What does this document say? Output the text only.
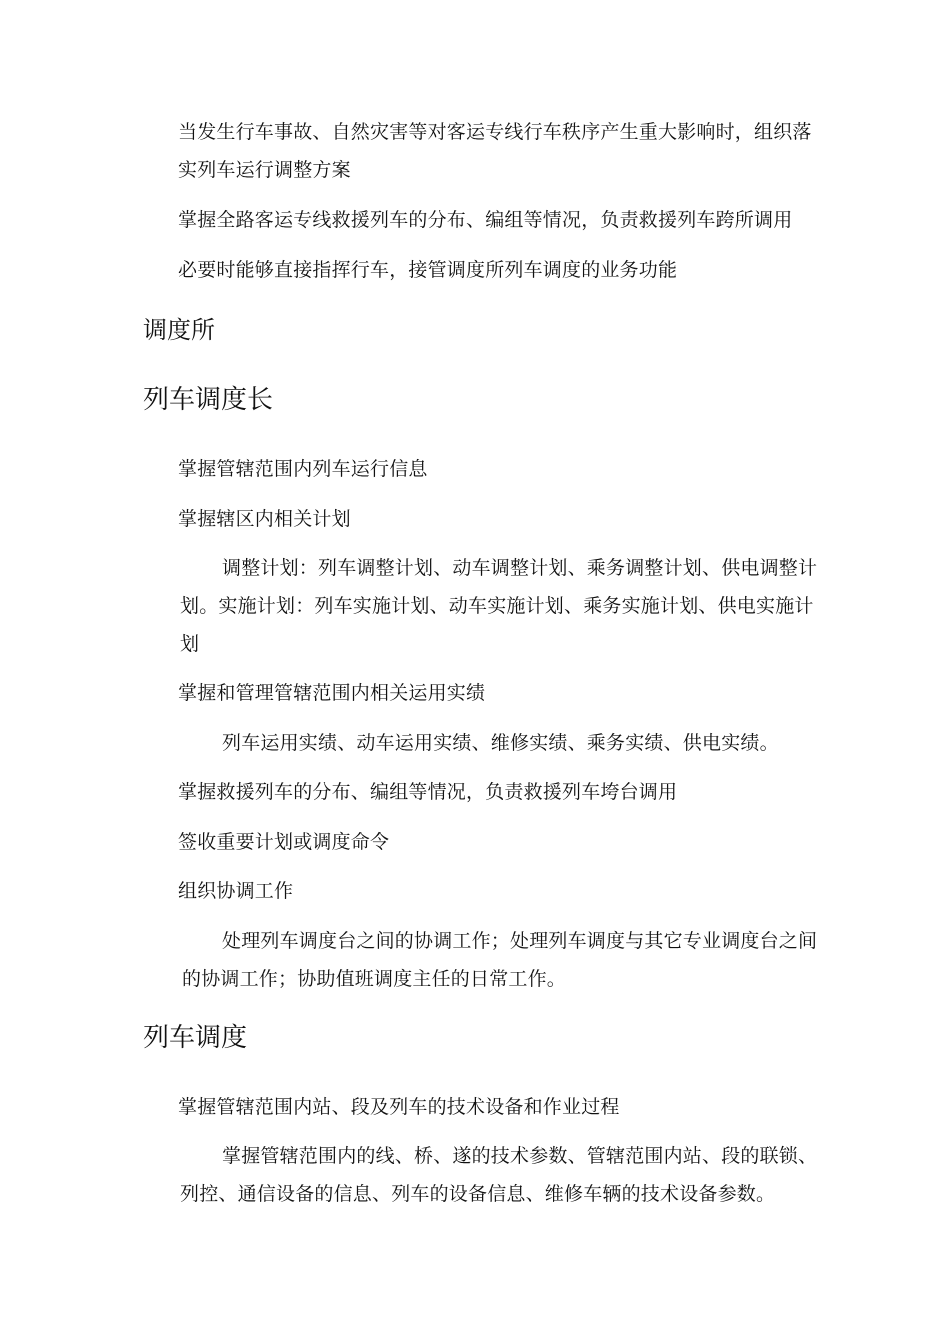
当发生行车事故、自然灾害等对客运专线行车秩序产生重大影响时，组织落
实列车运行调整方案
掌握全路客运专线救援列车的分布、编组等情况，负责救援列车跨所调用
必要时能够直接指挥行车，接管调度所列车调度的业务功能
调度所
列车调度长
掌握管辖范围内列车运行信息
掌握辖区内相关计划
调整计划：列车调整计划、动车调整计划、乘务调整计划、供电调整计
划。实施计划：列车实施计划、动车实施计划、乘务实施计划、供电实施计
划
掌握和管理管辖范围内相关运用实绩
列车运用实绩、动车运用实绩、维修实绩、乘务实绩、供电实绩。
掌握救援列车的分布、编组等情况，负责救援列车垮台调用
签收重要计划或调度命令
组织协调工作
处理列车调度台之间的协调工作；处理列车调度与其它专业调度台之间
的协调工作；协助值班调度主任的日常工作。
列车调度
掌握管辖范围内站、段及列车的技术设备和作业过程
掌握管辖范围内的线、桥、遂的技术参数、管辖范围内站、段的联锁、
列控、通信设备的信息、列车的设备信息、维修车辆的技术设备参数。
